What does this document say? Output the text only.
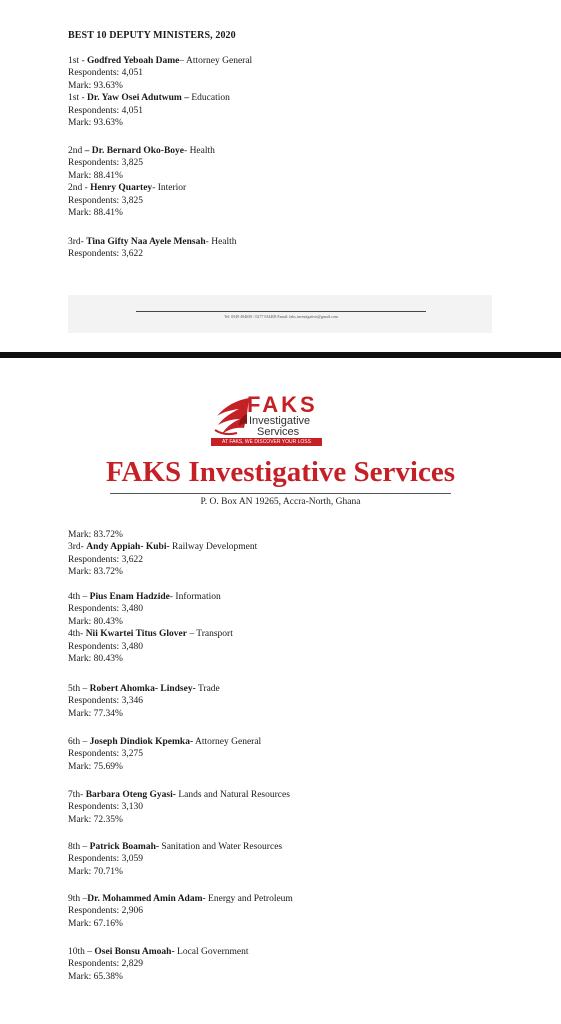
BEST 10 DEPUTY MINISTERS, 2020
1st - Godfred Yeboah Dame– Attorney General
Respondents: 4,051
Mark: 93.63%
1st - Dr. Yaw Osei Adutwum – Education
Respondents: 4,051
Mark: 93.63%
2nd – Dr. Bernard Oko-Boye- Health
Respondents: 3,825
Mark: 88.41%
2nd - Henry Quartey- Interior
Respondents: 3,825
Mark: 88.41%
3rd- Tina Gifty Naa Ayele Mensah- Health
Respondents: 3,622
Tel: 0549 494650 / 0277 034408 Email: faks.investigative@gmail.com
FAKS
Investigative
Services
AT FAKS, WE DISCOVER YOUR LOSS
FAKS Investigative Services
P. O. Box AN 19265, Accra-North, Ghana
Mark: 83.72%
3rd- Andy Appiah- Kubi- Railway Development
Respondents: 3,622
Mark: 83.72%
4th – Pius Enam Hadzide- Information
Respondents: 3,480
Mark: 80.43%
4th- Nii Kwartei Titus Glover – Transport
Respondents: 3,480
Mark: 80.43%
5th – Robert Ahomka- Lindsey- Trade
Respondents: 3,346
Mark: 77.34%
6th – Joseph Dindiok Kpemka- Attorney General
Respondents: 3,275
Mark: 75.69%
7th- Barbara Oteng Gyasi- Lands and Natural Resources
Respondents: 3,130
Mark: 72.35%
8th – Patrick Boamah- Sanitation and Water Resources
Respondents: 3,059
Mark: 70.71%
9th –Dr. Mohammed Amin Adam- Energy and Petroleum
Respondents: 2,906
Mark: 67.16%
10th – Osei Bonsu Amoah- Local Government
Respondents: 2,829
Mark: 65.38%
